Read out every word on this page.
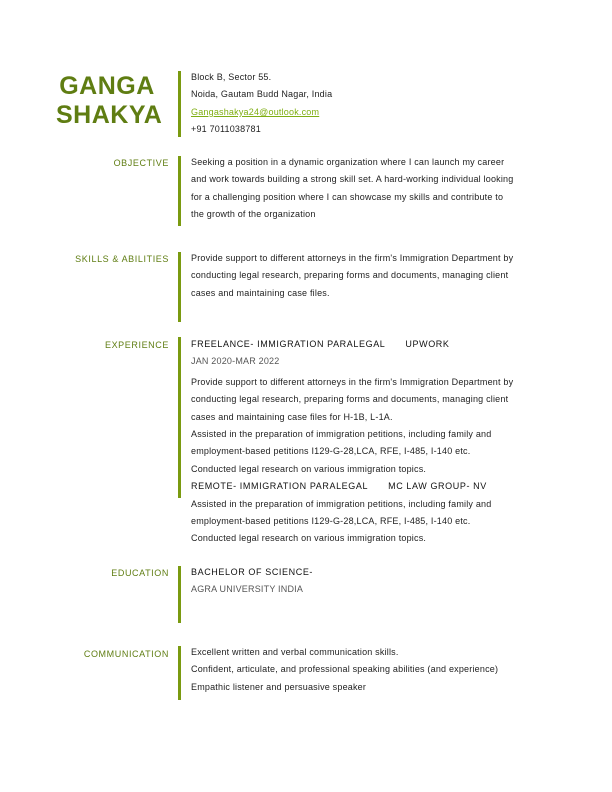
GANGA
SHAKYA
Block B, Sector 55.
Noida, Gautam Budd Nagar, India
Gangashakya24@outlook.com
+91 7011038781
OBJECTIVE Seeking a position in a dynamic organization where I can launch my career
and work towards building a strong skill set. A hard-working individual looking
for a challenging position where I can showcase my skills and contribute to
the growth of the organization
SKILLS & ABILITIES Provide support to different attorneys in the firm's Immigration Department by
conducting legal research, preparing forms and documents, managing client
cases and maintaining case files.
EXPERIENCE FREELANCE- IMMIGRATION PARALEGAL UPWORK
JAN 2020-MAR 2022
Provide support to different attorneys in the firm's Immigration Department by
conducting legal research, preparing forms and documents, managing client
cases and maintaining case files for H-1B, L-1A.
Assisted in the preparation of immigration petitions, including family and
employment-based petitions I129-G-28,LCA, RFE, I-485, I-140 etc.
Conducted legal research on various immigration topics.
REMOTE- IMMIGRATION PARALEGAL MC LAW GROUP- NV
Assisted in the preparation of immigration petitions, including family and
employment-based petitions I129-G-28,LCA, RFE, I-485, I-140 etc.
Conducted legal research on various immigration topics.
EDUCATION BACHELOR OF SCIENCE-
AGRA UNIVERSITY INDIA
COMMUNICATION Excellent written and verbal communication skills.
Confident, articulate, and professional speaking abilities (and experience)
Empathic listener and persuasive speaker
